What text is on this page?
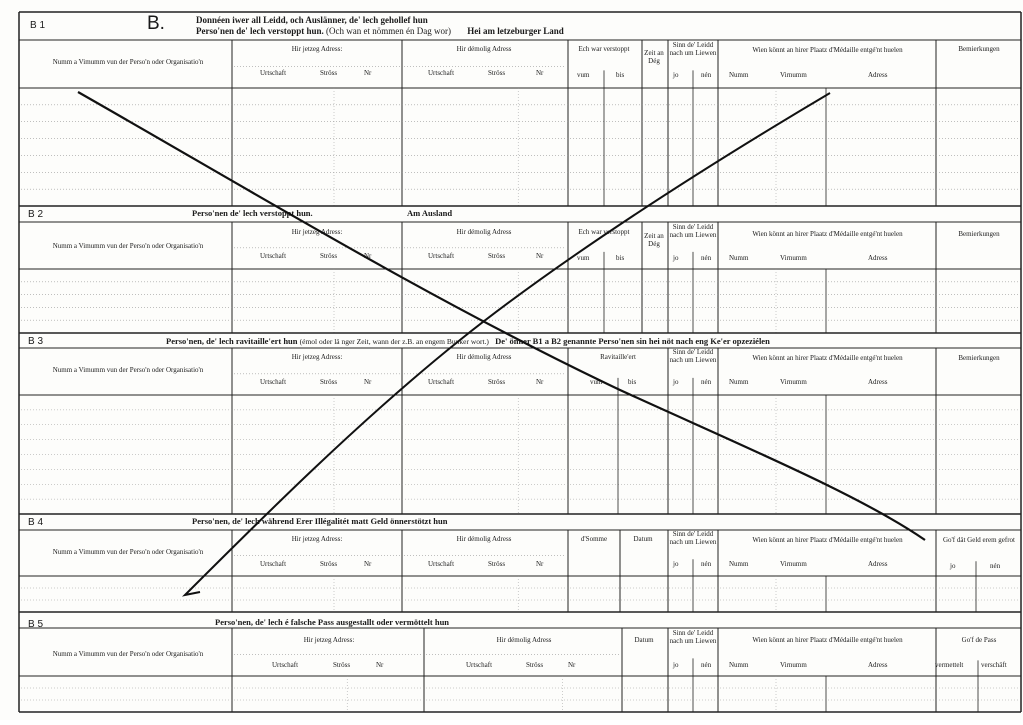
B 1	B.	Donnéen iwer all Leidd, och Auslänner, de' lech gehollef hun
Perso'nen de' lech verstoppt hun. (Och wan et nömmen én Dag wor) Hei am letzeburger Land
B 2	Perso'nen de' lech verstoppt hun.	Am Ausland
B 3	Perso'nen, de' lech ravitaille'ert hun (émol oder lä nger Zeit, wann der z.B. an engem Bunker wort.) De' önner B1 a B2 genannte Perso'nen sin hei nöt nach eng Ke'er opzeziélen
B 4	Perso'nen, de' lech während Erer Illégalitét matt Geld önnerstötzt hun
B 5	Perso'nen, de' lech é falsche Pass ausgestallt oder vermöttelt hun
Numm a Vimumm vun der Perso'n oder Organisatio'n
Hir jetzeg Adress:
Urtschaft	Ströss	Nr
Hir démolig Adress
Urtschaft	Ströss	Nr
Ech war verstoppt
vum	bis
Zeit an Dég
Sinn de' Leidd nach um Liewen
jo	nén
Wien könnt an hirer Plaatz d'Médaille entgé'nt huelen
Numm	Virnumm	Adress
Bemierkungen
Numm a Vimumm vun der Perso'n oder Organisatio'n
Hir jetzeg Adress:
Urtschaft	Ströss	Nr
Hir démolig Adress
Urtschaft	Ströss	Nr
Ech war verstoppt
vum	bis
Zeit an Dég
Sinn de' Leidd nach um Liewen
jo	nén
Wien könnt an hirer Plaatz d'Médaille entgé'nt huelen
Numm	Virnumm	Adress
Bemierkungen
Numm a Vimumm vun der Perso'n oder Organisatio'n
Hir jetzeg Adress:
Urtschaft	Ströss	Nr
Hir démolig Adress
Urtschaft	Ströss	Nr
Ravitaille'ert
vum	bis
Sinn de' Leidd nach um Liewen
jo	nén
Wien könnt an hirer Plaatz d'Médaille entgé'nt huelen
Numm	Virnumm	Adress
Bemierkungen
Numm a Vimumm vun der Perso'n oder Organisatio'n
Hir jetzeg Adress:
Urtschaft	Ströss	Nr
Hir démolig Adress
Urtschaft	Ströss	Nr
d'Somme	Datum
Sinn de' Leidd nach um Liewen
jo	nén
Wien könnt an hirer Plaatz d'Médaille entgé'nt huelen
Numm	Virnumm	Adress
Go'f dät Geld erem gefrot
jo	nén
Numm a Vimumm vun der Perso'n oder Organisatio'n
Hir jetzeg Adress:
Urtschaft	Ströss	Nr
Hir démolig Adress
Urtschaft	Ströss	Nr
Datum
Sinn de' Leidd nach um Liewen
jo	nén
Wien könnt an hirer Plaatz d'Médaille entgé'nt huelen
Numm	Virnumm	Adress
Go'f de Pass
vermettelt	verschäft
